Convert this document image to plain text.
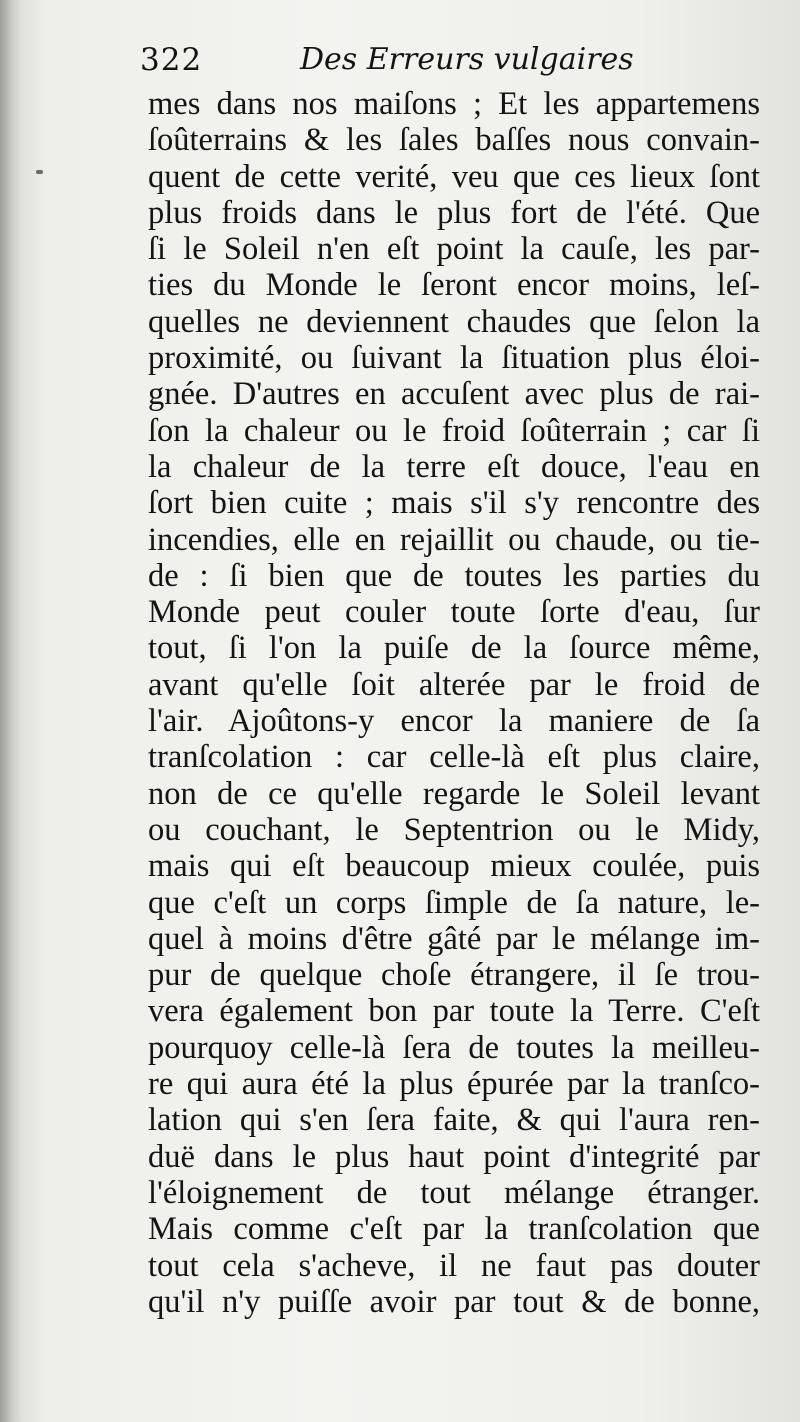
322	Des Erreurs vulgaires
mes dans nos maiſons ; Et les appartemens
ſoûterrains & les ſales baſſes nous convain-
quent de cette verité, veu que ces lieux ſont
plus froids dans le plus fort de l'été. Que
ſi le Soleil n'en eſt point la cauſe, les par-
ties du Monde le ſeront encor moins, leſ-
quelles ne deviennent chaudes que ſelon la
proximité, ou ſuivant la ſituation plus éloi-
gnée. D'autres en accuſent avec plus de rai-
ſon la chaleur ou le froid ſoûterrain ; car ſi
la chaleur de la terre eſt douce, l'eau en
ſort bien cuite ; mais s'il s'y rencontre des
incendies, elle en rejaillit ou chaude, ou tie-
de : ſi bien que de toutes les parties du
Monde peut couler toute ſorte d'eau, ſur
tout, ſi l'on la puiſe de la ſource même,
avant qu'elle ſoit alterée par le froid de
l'air. Ajoûtons-y encor la maniere de ſa
tranſcolation : car celle-là eſt plus claire,
non de ce qu'elle regarde le Soleil levant
ou couchant, le Septentrion ou le Midy,
mais qui eſt beaucoup mieux coulée, puis
que c'eſt un corps ſimple de ſa nature, le-
quel à moins d'être gâté par le mélange im-
pur de quelque choſe étrangere, il ſe trou-
vera également bon par toute la Terre. C'eſt
pourquoy celle-là ſera de toutes la meilleu-
re qui aura été la plus épurée par la tranſco-
lation qui s'en ſera faite, & qui l'aura ren-
duë dans le plus haut point d'integrité par
l'éloignement de tout mélange étranger.
Mais comme c'eſt par la tranſcolation que
tout cela s'acheve, il ne faut pas douter
qu'il n'y puiſſe avoir par tout & de bonne,
